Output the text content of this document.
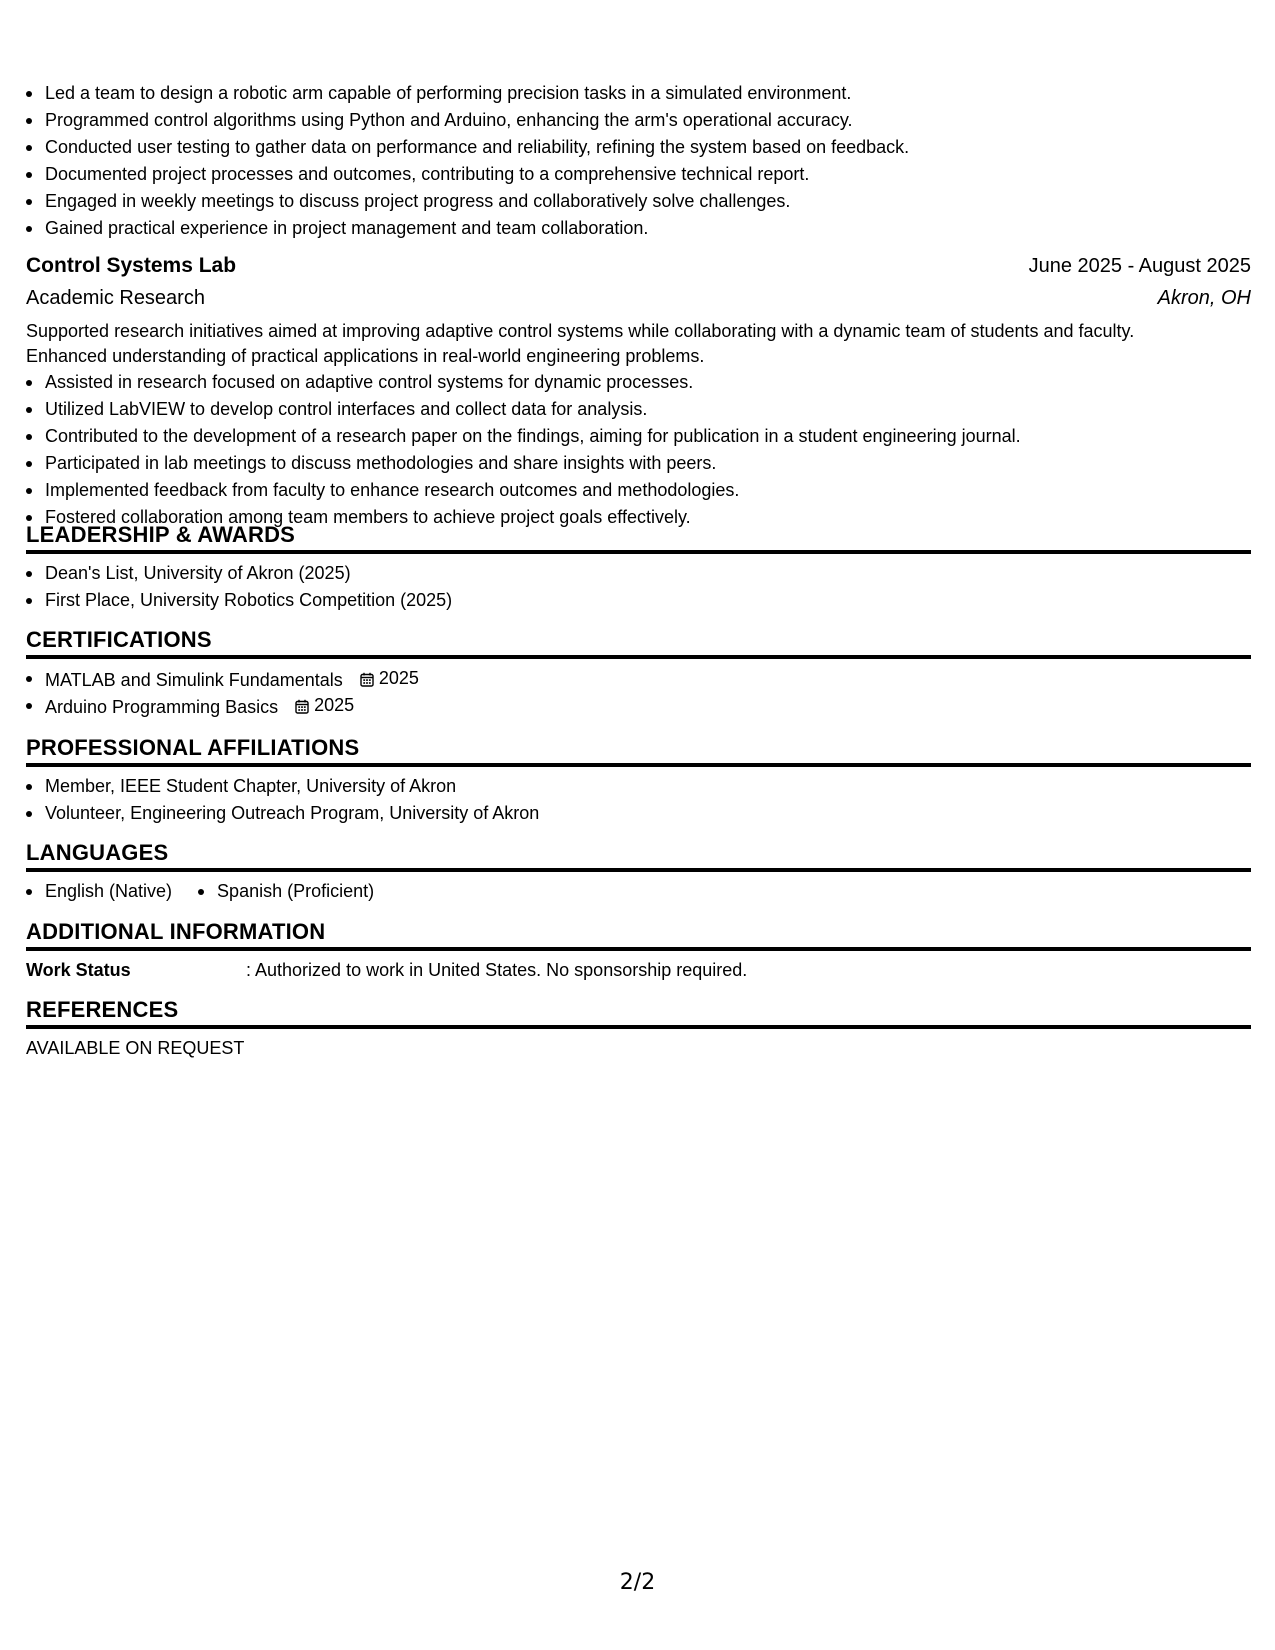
Led a team to design a robotic arm capable of performing precision tasks in a simulated environment.
Programmed control algorithms using Python and Arduino, enhancing the arm's operational accuracy.
Conducted user testing to gather data on performance and reliability, refining the system based on feedback.
Documented project processes and outcomes, contributing to a comprehensive technical report.
Engaged in weekly meetings to discuss project progress and collaboratively solve challenges.
Gained practical experience in project management and team collaboration.
Control Systems Lab	June 2025 - August 2025
Academic Research	Akron, OH
Supported research initiatives aimed at improving adaptive control systems while collaborating with a dynamic team of students and faculty.
Enhanced understanding of practical applications in real-world engineering problems.
Assisted in research focused on adaptive control systems for dynamic processes.
Utilized LabVIEW to develop control interfaces and collect data for analysis.
Contributed to the development of a research paper on the findings, aiming for publication in a student engineering journal.
Participated in lab meetings to discuss methodologies and share insights with peers.
Implemented feedback from faculty to enhance research outcomes and methodologies.
Fostered collaboration among team members to achieve project goals effectively.
LEADERSHIP & AWARDS
Dean's List, University of Akron (2025)
First Place, University Robotics Competition (2025)
CERTIFICATIONS
MATLAB and Simulink Fundamentals 2025
Arduino Programming Basics 2025
PROFESSIONAL AFFILIATIONS
Member, IEEE Student Chapter, University of Akron
Volunteer, Engineering Outreach Program, University of Akron
LANGUAGES
English (Native)	Spanish (Proficient)
ADDITIONAL INFORMATION
Work Status	: Authorized to work in United States. No sponsorship required.
REFERENCES
AVAILABLE ON REQUEST
2/2
